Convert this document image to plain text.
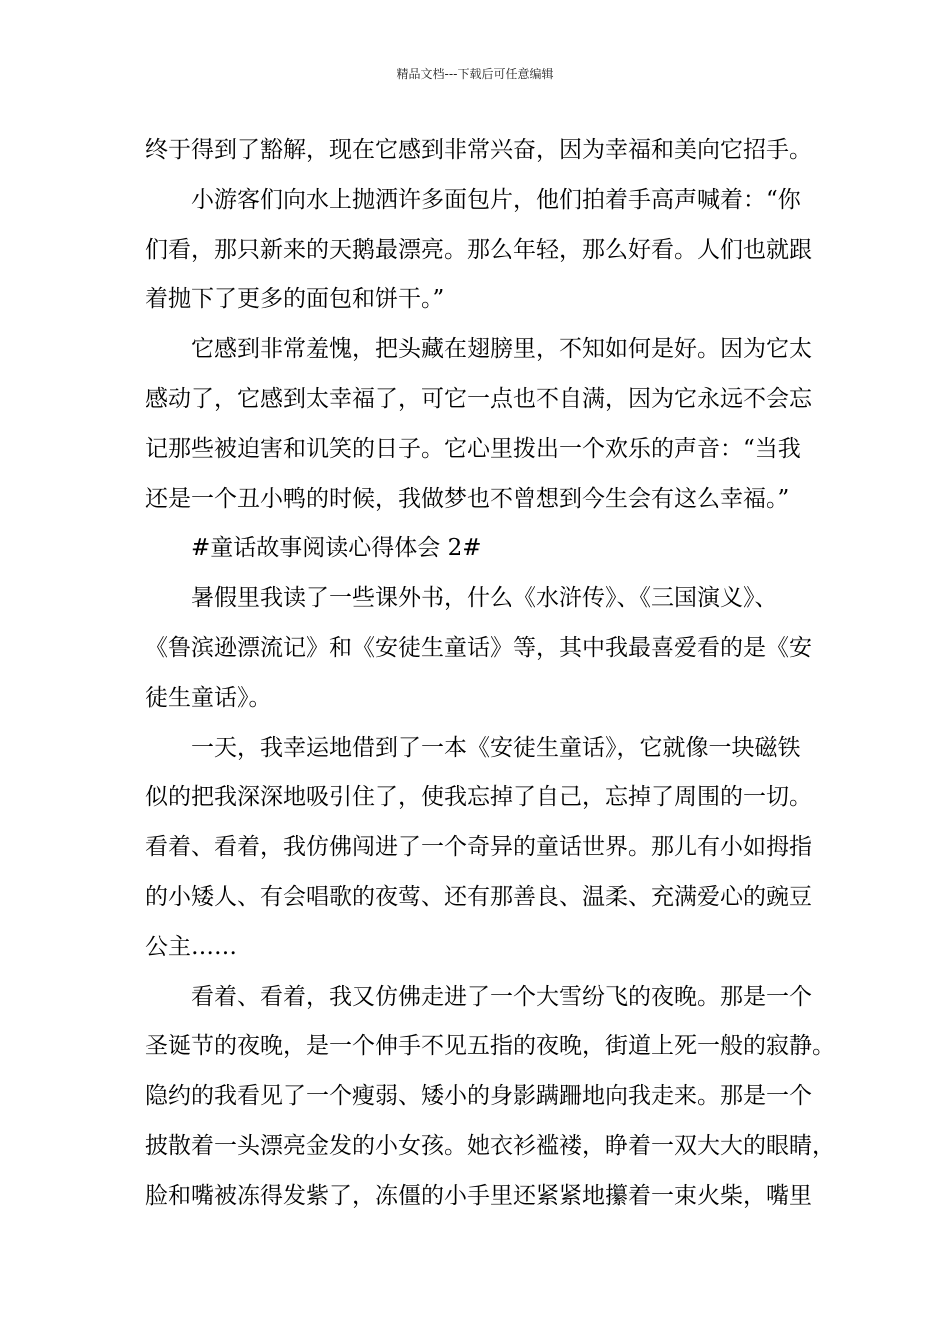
精品文档---下载后可任意编辑
终于得到了豁解，现在它感到非常兴奋，因为幸福和美向它招手。
小游客们向水上抛洒许多面包片，他们拍着手高声喊着：“你
们看，那只新来的天鹅最漂亮。那么年轻，那么好看。人们也就跟
着抛下了更多的面包和饼干。”
它感到非常羞愧，把头藏在翅膀里，不知如何是好。因为它太
感动了，它感到太幸福了，可它一点也不自满，因为它永远不会忘
记那些被迫害和讥笑的日子。它心里拨出一个欢乐的声音：“当我
还是一个丑小鸭的时候，我做梦也不曾想到今生会有这么幸福。”
#童话故事阅读心得体会 2#
暑假里我读了一些课外书，什么《水浒传》、《三国演义》、
《鲁滨逊漂流记》和《安徒生童话》等，其中我最喜爱看的是《安
徒生童话》。
一天，我幸运地借到了一本《安徒生童话》，它就像一块磁铁
似的把我深深地吸引住了，使我忘掉了自己，忘掉了周围的一切。
看着、看着，我仿佛闯进了一个奇异的童话世界。那儿有小如拇指
的小矮人、有会唱歌的夜莺、还有那善良、温柔、充满爱心的豌豆
公主……
看着、看着，我又仿佛走进了一个大雪纷飞的夜晚。那是一个
圣诞节的夜晚，是一个伸手不见五指的夜晚，街道上死一般的寂静。
隐约的我看见了一个瘦弱、矮小的身影蹒跚地向我走来。那是一个
披散着一头漂亮金发的小女孩。她衣衫褴褛，睁着一双大大的眼睛，
脸和嘴被冻得发紫了，冻僵的小手里还紧紧地攥着一束火柴，嘴里
